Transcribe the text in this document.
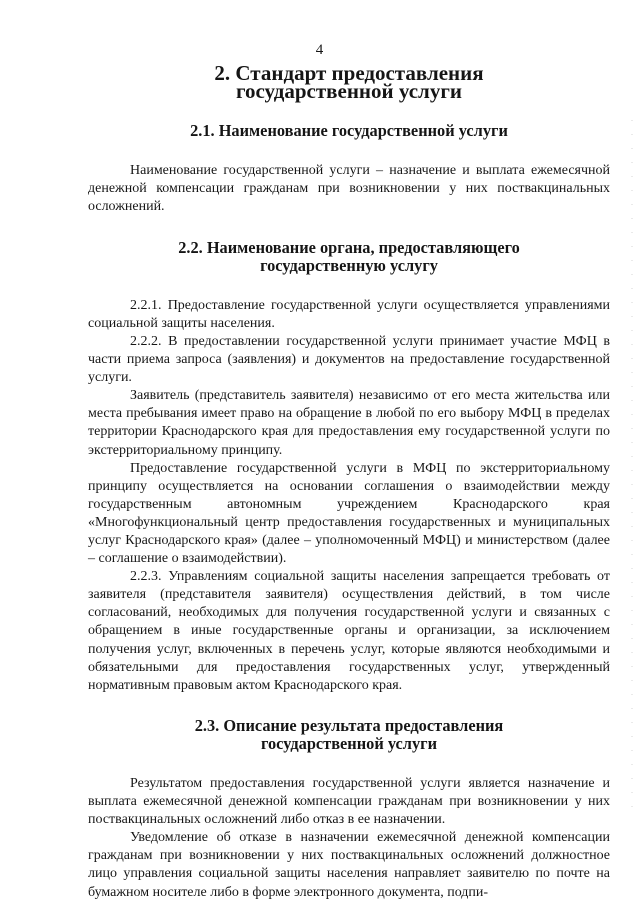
4
2. Стандарт предоставления
государственной услуги
2.1. Наименование государственной услуги

Наименование государственной услуги – назначение и выплата ежемесячной денежной компенсации гражданам при возникновении у них поствакцинальных осложнений.

2.2. Наименование органа, предоставляющего
государственную услугу

2.2.1. Предоставление государственной услуги осуществляется управлениями социальной защиты населения.

2.2.2. В предоставлении государственной услуги принимает участие МФЦ в части приема запроса (заявления) и документов на предоставление государственной услуги.

Заявитель (представитель заявителя) независимо от его места жительства или места пребывания имеет право на обращение в любой по его выбору МФЦ в пределах территории Краснодарского края для предоставления ему государственной услуги по экстерриториальному принципу.

Предоставление государственной услуги в МФЦ по экстерриториальному принципу осуществляется на основании соглашения о взаимодействии между государственным автономным учреждением Краснодарского края «Многофункциональный центр предоставления государственных и муниципальных услуг Краснодарского края» (далее – уполномоченный МФЦ) и министерством (далее – соглашение о взаимодействии).

2.2.3. Управлениям социальной защиты населения запрещается требовать от заявителя (представителя заявителя) осуществления действий, в том числе согласований, необходимых для получения государственной услуги и связанных с обращением в иные государственные органы и организации, за исключением получения услуг, включенных в перечень услуг, которые являются необходимыми и обязательными для предоставления государственных услуг, утвержденный нормативным правовым актом Краснодарского края.

2.3. Описание результата предоставления
государственной услуги

Результатом предоставления государственной услуги является назначение и выплата ежемесячной денежной компенсации гражданам при возникновении у них поствакцинальных осложнений либо отказ в ее назначении.

Уведомление об отказе в назначении ежемесячной денежной компенсации гражданам при возникновении у них поствакцинальных осложнений должностное лицо управления социальной защиты населения направляет заявителю по почте на бумажном носителе либо в форме электронного документа, подпи-
